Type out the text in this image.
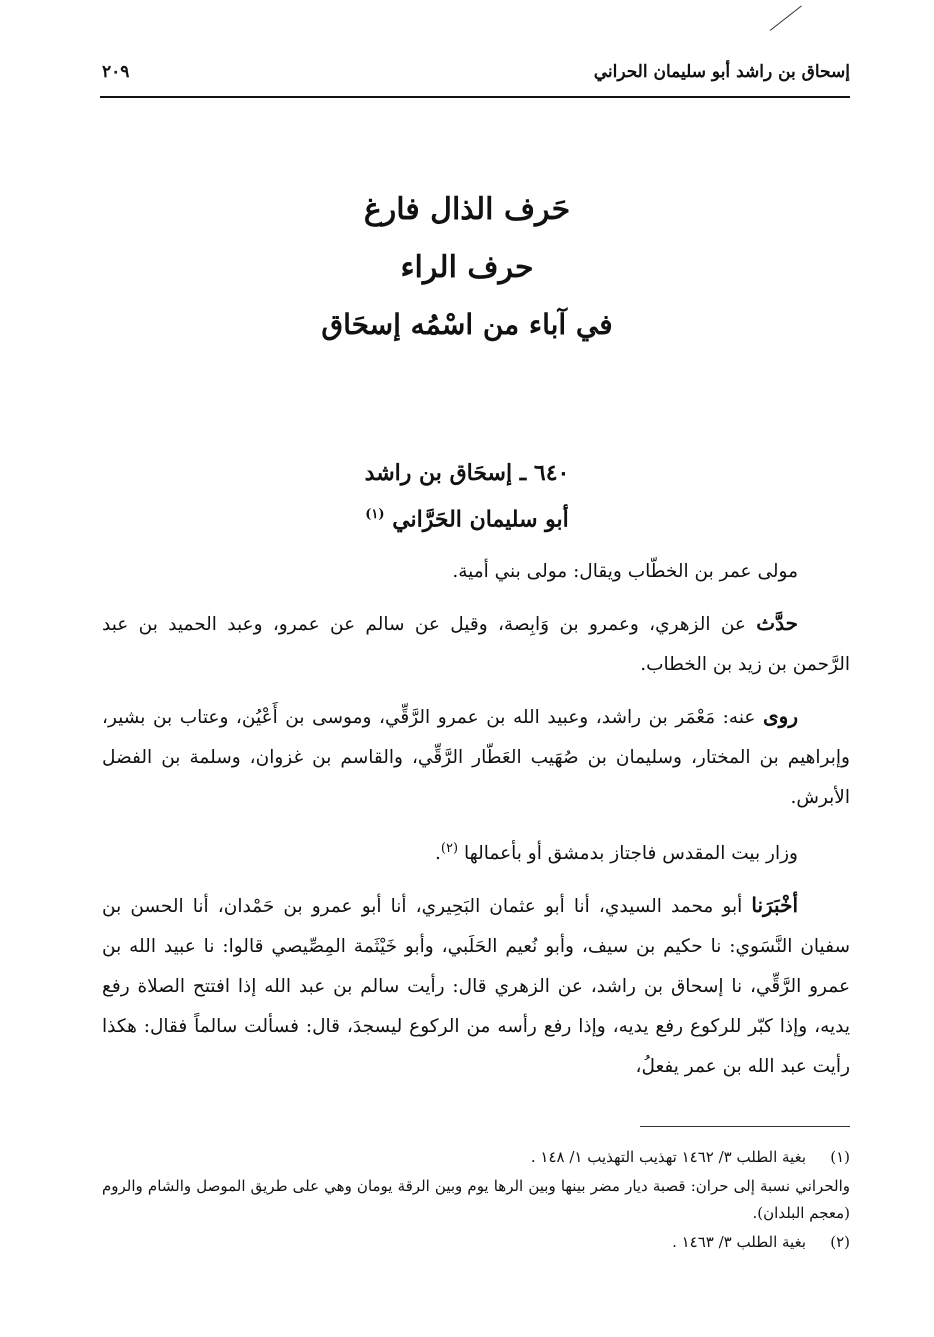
إسحاق بن راشد أبو سليمان الحراني
٢٠٩

حَرف الذال فارغ

حرف الراء

في آباء من اسْمُه إسحَاق

٦٤٠ ـ إسحَاق بن راشد
أبو سليمان الحَرَّاني $^{(١)}$

مولى عمر بن الخطّاب ويقال: مولى بني أمية.

حدَّث عن الزهري، وعمرو بن وَابِصة، وقيل عن سالم عن عمرو، وعبد الحميد بن عبد الرَّحمن بن زيد بن الخطاب.

روى عنه: مَعْمَر بن راشد، وعبيد الله بن عمرو الرَّقِّي، وموسى بن أَعْيُن، وعتاب بن بشير، وإبراهيم بن المختار، وسليمان بن صُهَيب العَطّار الرَّقِّي، والقاسم بن غزوان، وسلمة بن الفضل الأبرش.

وزار بيت المقدس فاجتاز بدمشق أو بأعمالها $^{(٢)}$.

أخْبَرَنا أبو محمد السيدي، أنا أبو عثمان البَحِيري، أنا أبو عمرو بن حَمْدان، أنا الحسن بن سفيان النَّسَوي: نا حكيم بن سيف، وأبو نُعيم الحَلَبي، وأبو خَيْثَمة المِصِّيصي قالوا: نا عبيد الله بن عمرو الرَّقِّي، نا إسحاق بن راشد، عن الزهري قال: رأيت سالم بن عبد الله إذا افتتح الصلاة رفع يديه، وإذا كبّر للركوع رفع يديه، وإذا رفع رأسه من الركوع ليسجدَ، قال: فسألت سالماً فقال: هكذا رأيت عبد الله بن عمر يفعلُ،

(١)بغية الطلب ٣/ ١٤٦٢ تهذيب التهذيب ١/ ١٤٨ .

والحراني نسبة إلى حران: قصبة ديار مضر بينها وبين الرها يوم وبين الرقة يومان وهي على طريق الموصل والشام والروم (معجم البلدان).

(٢)بغية الطلب ٣/ ١٤٦٣ .
